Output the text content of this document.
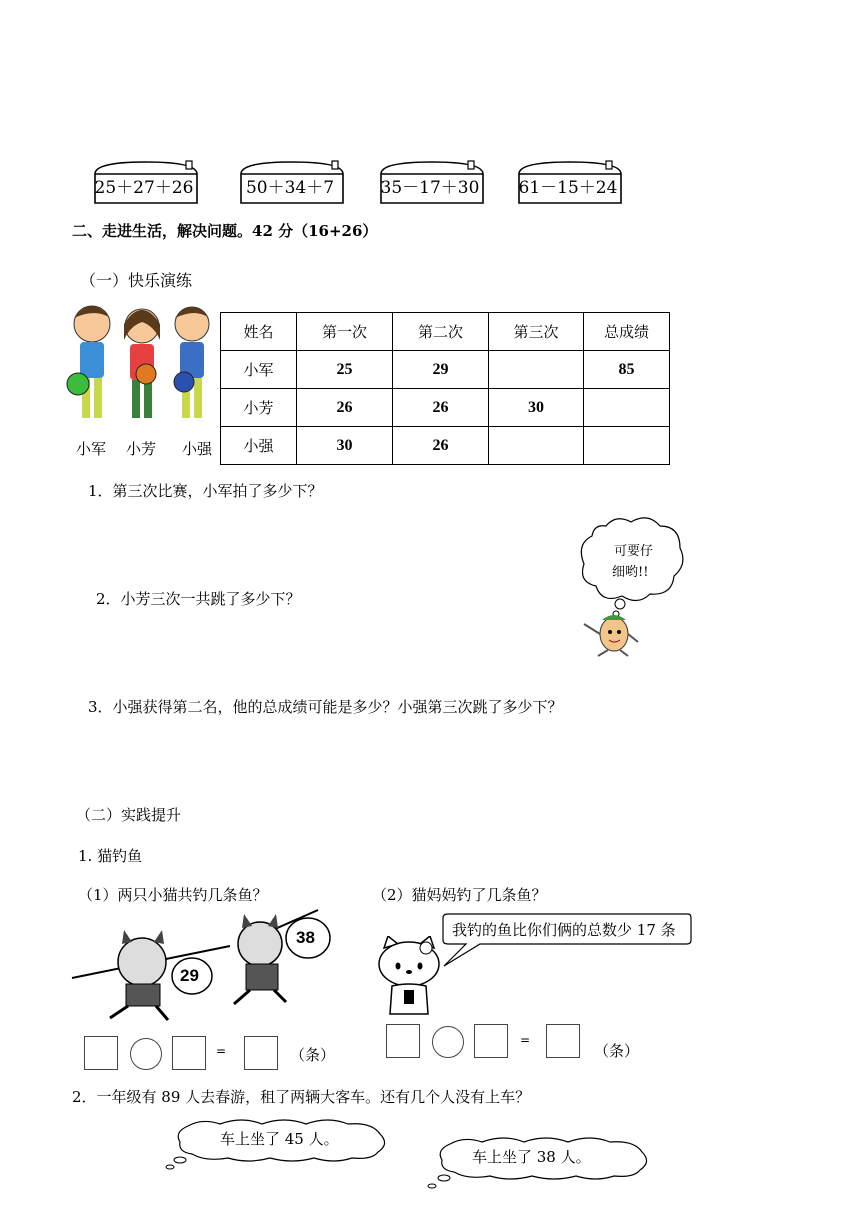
25＋27＋26	50＋34＋7	35－17＋30 61－15＋24
二、走进生活，解决问题。42 分（16+26）
（一）快乐演练
小军 小芳 小强
姓名	第一次	第二次	第三次	总成绩
小军	25	29		85
小芳	26	26	30	
小强	30	26		
1．第三次比赛，小军拍了多少下？
可要仔
细哟!!
2．小芳三次一共跳了多少下？
3．小强获得第二名，他的总成绩可能是多少？小强第三次跳了多少下？
（二）实践提升
1. 猫钓鱼
（1）两只小猫共钓几条鱼？	（2）猫妈妈钓了几条鱼？
38
29
我钓的鱼比你们俩的总数少 17 条
=	（条）
=
（条）
2．一年级有 89 人去春游，租了两辆大客车。还有几个人没有上车？
车上坐了 45 人。
车上坐了 38 人。
